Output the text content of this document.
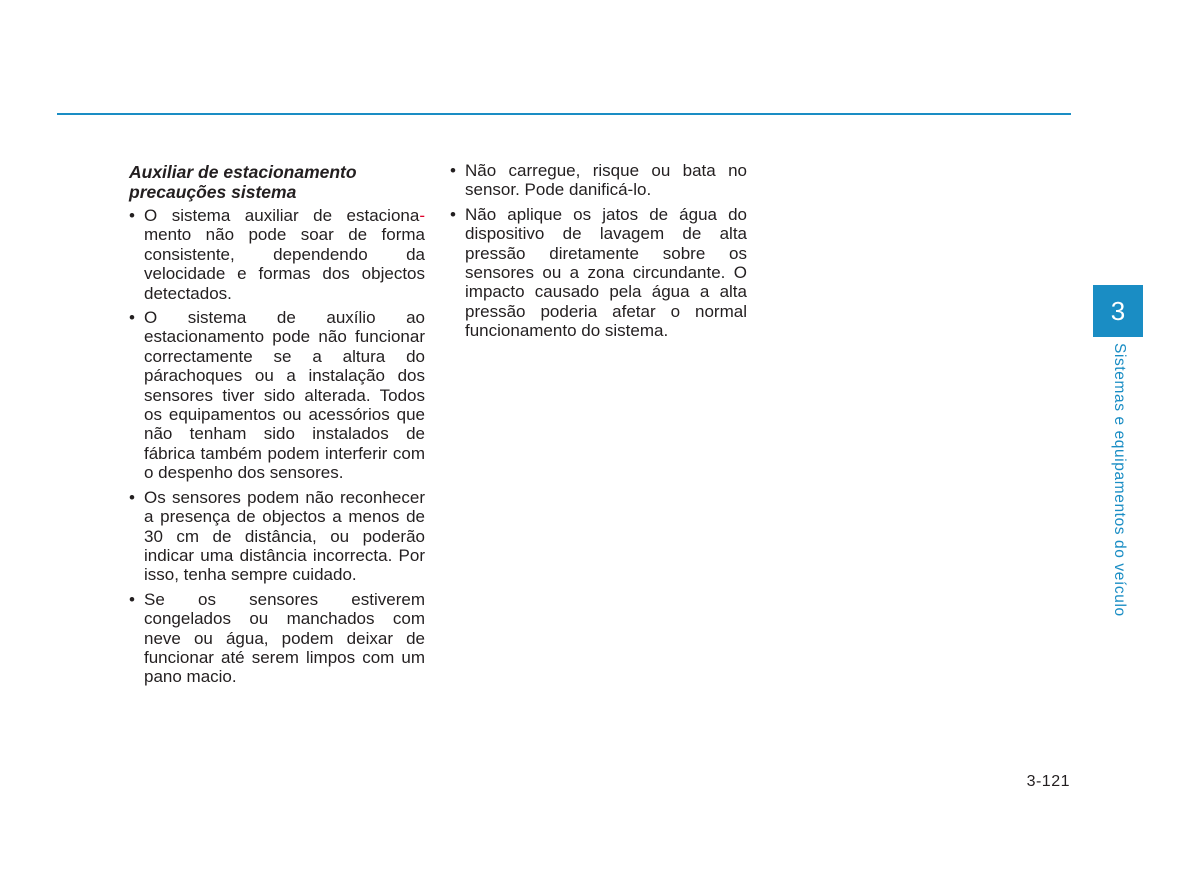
Auxiliar de estacionamento
precauções sistema
• O sistema auxiliar de estaciona-mento não pode soar de forma consistente, dependendo da velocidade e formas dos objectos detectados.
• O sistema de auxílio ao estacionamento pode não funcionar correctamente se a altura do párachoques ou a instalação dos sensores tiver sido alterada. Todos os equipamentos ou acessórios que não tenham sido instalados de fábrica também podem interferir com o despenho dos sensores.
• Os sensores podem não reconhecer a presença de objectos a menos de 30 cm de distância, ou poderão indicar uma distância incorrecta. Por isso, tenha sempre cuidado.
• Se os sensores estiverem congelados ou manchados com neve ou água, podem deixar de funcionar até serem limpos com um pano macio.
• Não carregue, risque ou bata no sensor. Pode danificá-lo.
• Não aplique os jatos de água do dispositivo de lavagem de alta pressão diretamente sobre os sensores ou a zona circundante. O impacto causado pela água a alta pressão poderia afetar o normal funcionamento do sistema.
3
Sistemas e equipamentos do veículo
3-121
